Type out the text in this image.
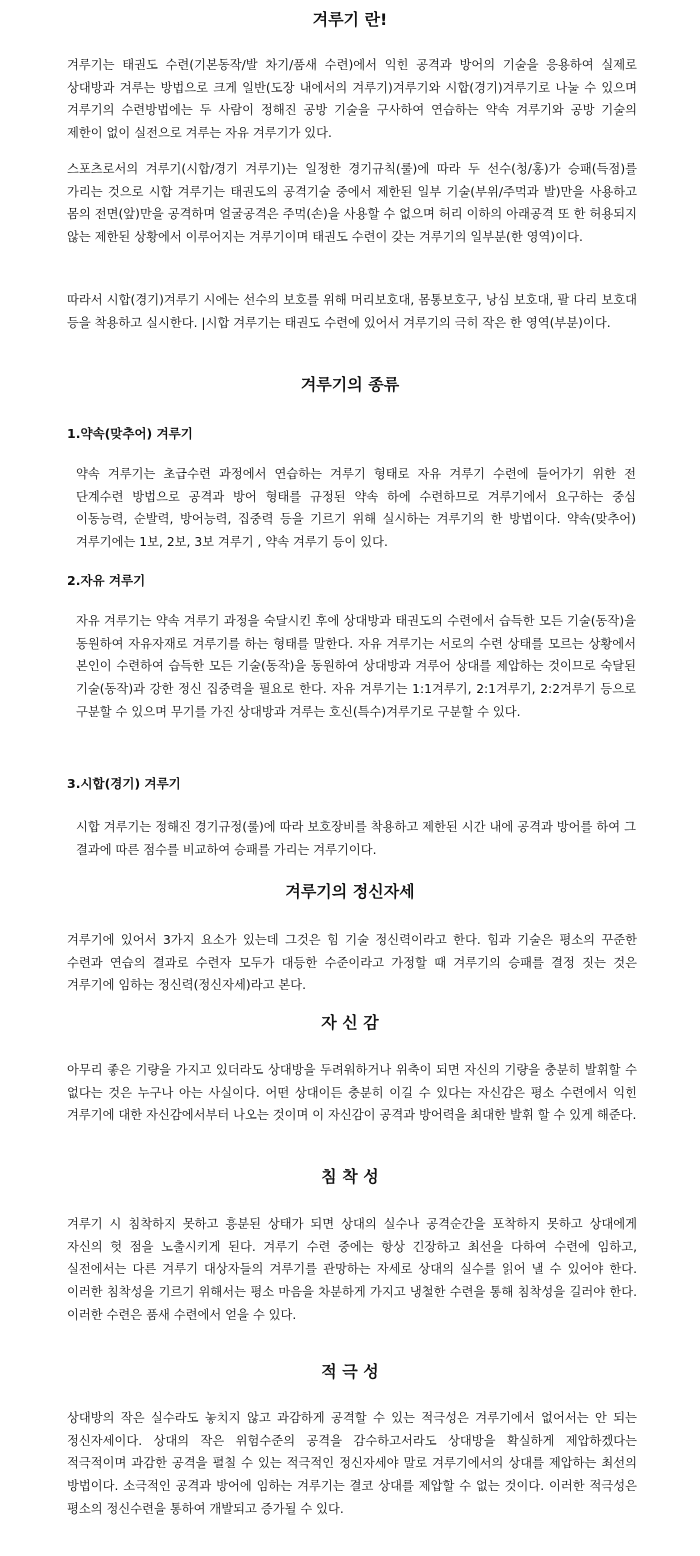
겨루기 란!

겨루기는 태권도 수련(기본동작/발 차기/품새 수련)에서 익힌 공격과 방어의 기술을 응용하여 실제로 상대방과 겨루는 방법으로 크게 일반(도장 내에서의 겨루기)겨루기와 시합(경기)겨루기로 나눌 수 있으며 겨루기의 수련방법에는 두 사람이 정해진 공방 기술을 구사하여 연습하는 약속 겨루기와 공방 기술의 제한이 없이 실전으로 겨루는 자유 겨루기가 있다.

스포츠로서의 겨루기(시합/경기 겨루기)는 일정한 경기규칙(룰)에 따라 두 선수(청/홍)가 승패(득점)를 가리는 것으로 시합 겨루기는 태권도의 공격기술 중에서 제한된 일부 기술(부위/주먹과 발)만을 사용하고 몸의 전면(앞)만을 공격하며 얼굴공격은 주먹(손)을 사용할 수 없으며 허리 이하의 아래공격 또 한 허용되지 않는 제한된 상황에서 이루어지는 겨루기이며 태권도 수련이 갖는 겨루기의 일부분(한 영역)이다.

따라서 시합(경기)겨루기 시에는 선수의 보호를 위해 머리보호대, 몸통보호구, 낭심 보호대, 팔 다리 보호대 등을 착용하고 실시한다. |시합 겨루기는 태권도 수련에 있어서 겨루기의 극히 작은 한 영역(부분)이다.

겨루기의 종류
1.약속(맞추어) 겨루기

약속 겨루기는 초급수련 과정에서 연습하는 겨루기 형태로 자유 겨루기 수련에 들어가기 위한 전 단계수련 방법으로 공격과 방어 형태를 규정된 약속 하에 수련하므로 겨루기에서 요구하는 중심 이동능력, 순발력, 방어능력, 집중력 등을 기르기 위해 실시하는 겨루기의 한 방법이다. 약속(맞추어) 겨루기에는 1보, 2보, 3보 겨루기 , 약속 겨루기 등이 있다.

2.자유 겨루기

자유 겨루기는 약속 겨루기 과정을 숙달시킨 후에 상대방과 태권도의 수련에서 습득한 모든 기술(동작)을 동원하여 자유자재로 겨루기를 하는 형태를 말한다. 자유 겨루기는 서로의 수련 상태를 모르는 상황에서 본인이 수련하여 습득한 모든 기술(동작)을 동원하여 상대방과 겨루어 상대를 제압하는 것이므로 숙달된 기술(동작)과 강한 정신 집중력을 필요로 한다. 자유 겨루기는 1:1겨루기, 2:1겨루기, 2:2겨루기 등으로 구분할 수 있으며 무기를 가진 상대방과 겨루는 호신(특수)겨루기로 구분할 수 있다.

3.시합(경기) 겨루기

시합 겨루기는 정해진 경기규정(룰)에 따라 보호장비를 착용하고 제한된 시간 내에 공격과 방어를 하여 그 결과에 따른 점수를 비교하여 승패를 가리는 겨루기이다.

겨루기의 정신자세

겨루기에 있어서 3가지 요소가 있는데 그것은 힘 기술 정신력이라고 한다. 힘과 기술은 평소의 꾸준한 수련과 연습의 결과로 수련자 모두가 대등한 수준이라고 가정할 때 겨루기의 승패를 결정 짓는 것은 겨루기에 임하는 정신력(정신자세)라고 본다.

자 신 감

아무리 좋은 기량을 가지고 있더라도 상대방을 두려워하거나 위축이 되면 자신의 기량을 충분히 발휘할 수 없다는 것은 누구나 아는 사실이다. 어떤 상대이든 충분히 이길 수 있다는 자신감은 평소 수련에서 익힌 겨루기에 대한 자신감에서부터 나오는 것이며 이 자신감이 공격과 방어력을 최대한 발휘 할 수 있게 해준다.

침 착 성

겨루기 시 침착하지 못하고 흥분된 상태가 되면 상대의 실수나 공격순간을 포착하지 못하고 상대에게 자신의 헛 점을 노출시키게 된다. 겨루기 수련 중에는 항상 긴장하고 최선을 다하여 수련에 임하고, 실전에서는 다른 겨루기 대상자들의 겨루기를 관망하는 자세로 상대의 실수를 읽어 낼 수 있어야 한다. 이러한 침착성을 기르기 위해서는 평소 마음을 차분하게 가지고 냉철한 수련을 통해 침착성을 길러야 한다. 이러한 수련은 품새 수련에서 얻을 수 있다.

적 극 성

상대방의 작은 실수라도 놓치지 않고 과감하게 공격할 수 있는 적극성은 겨루기에서 없어서는 안 되는 정신자세이다. 상대의 작은 위험수준의 공격을 감수하고서라도 상대방을 확실하게 제압하겠다는 적극적이며 과감한 공격을 펼칠 수 있는 적극적인 정신자세야 말로 겨루기에서의 상대를 제압하는 최선의 방법이다. 소극적인 공격과 방어에 임하는 겨루기는 결코 상대를 제압할 수 없는 것이다. 이러한 적극성은 평소의 정신수련을 통하여 개발되고 증가될 수 있다.
